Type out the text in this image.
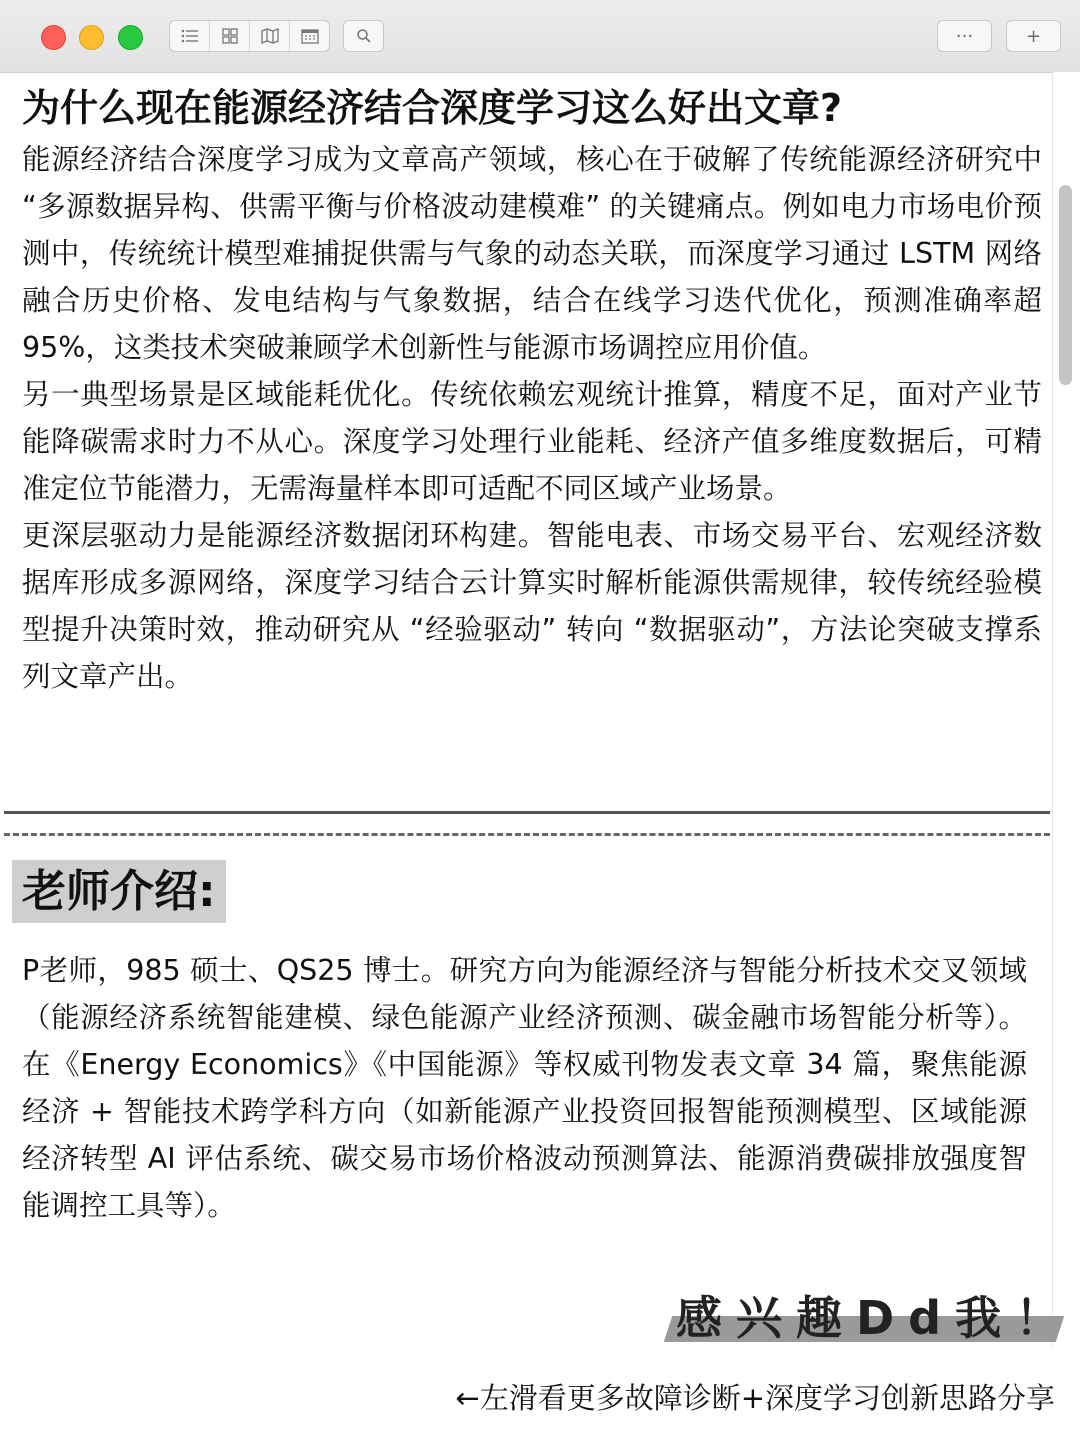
···	+
为什么现在能源经济结合深度学习这么好出文章?

能源经济结合深度学习成为文章高产领域，核心在于破解了传统能源经济研究中 “多源数据异构、供需平衡与价格波动建模难” 的关键痛点。例如电力市场电价预测中，传统统计模型难捕捉供需与气象的动态关联，而深度学习通过 LSTM 网络融合历史价格、发电结构与气象数据，结合在线学习迭代优化，预测准确率超 95%，这类技术突破兼顾学术创新性与能源市场调控应用价值。

另一典型场景是区域能耗优化。传统依赖宏观统计推算，精度不足，面对产业节能降碳需求时力不从心。深度学习处理行业能耗、经济产值多维度数据后，可精准定位节能潜力，无需海量样本即可适配不同区域产业场景。

更深层驱动力是能源经济数据闭环构建。智能电表、市场交易平台、宏观经济数据库形成多源网络，深度学习结合云计算实时解析能源供需规律，较传统经验模型提升决策时效，推动研究从 “经验驱动” 转向 “数据驱动”，方法论突破支撑系列文章产出。

老师介绍:
P老师，985 硕士、QS25 博士。研究方向为能源经济与智能分析技术交叉领域（能源经济系统智能建模、绿色能源产业经济预测、碳金融市场智能分析等）。在《Energy Economics》《中国能源》等权威刊物发表文章 34 篇，聚焦能源经济 + 智能技术跨学科方向（如新能源产业投资回报智能预测模型、区域能源经济转型 AI 评估系统、碳交易市场价格波动预测算法、能源消费碳排放强度智能调控工具等）。
感兴趣Dd我！
←左滑看更多故障诊断+深度学习创新思路分享
